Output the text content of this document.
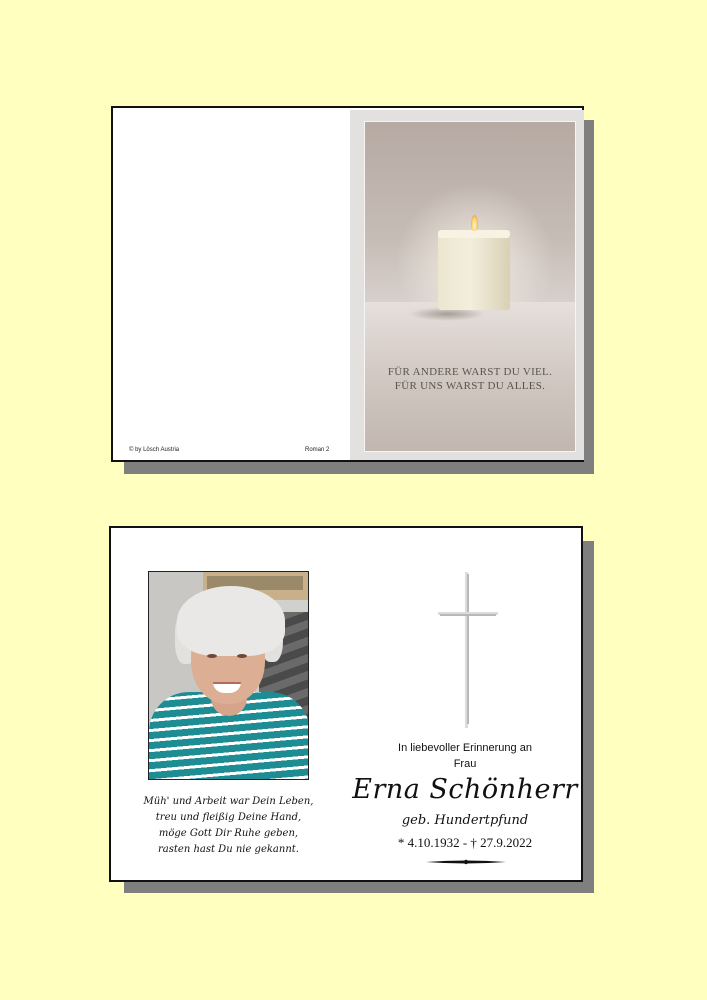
© by Lösch Austria	Roman 2
FÜR ANDERE WARST DU VIEL.
FÜR UNS WARST DU ALLES.
Müh' und Arbeit war Dein Leben,
treu und fleißig Deine Hand,
möge Gott Dir Ruhe geben,
rasten hast Du nie gekannt.
In liebevoller Erinnerung an
Frau
Erna Schönherr
geb. Hundertpfund
* 4.10.1932 - † 27.9.2022
